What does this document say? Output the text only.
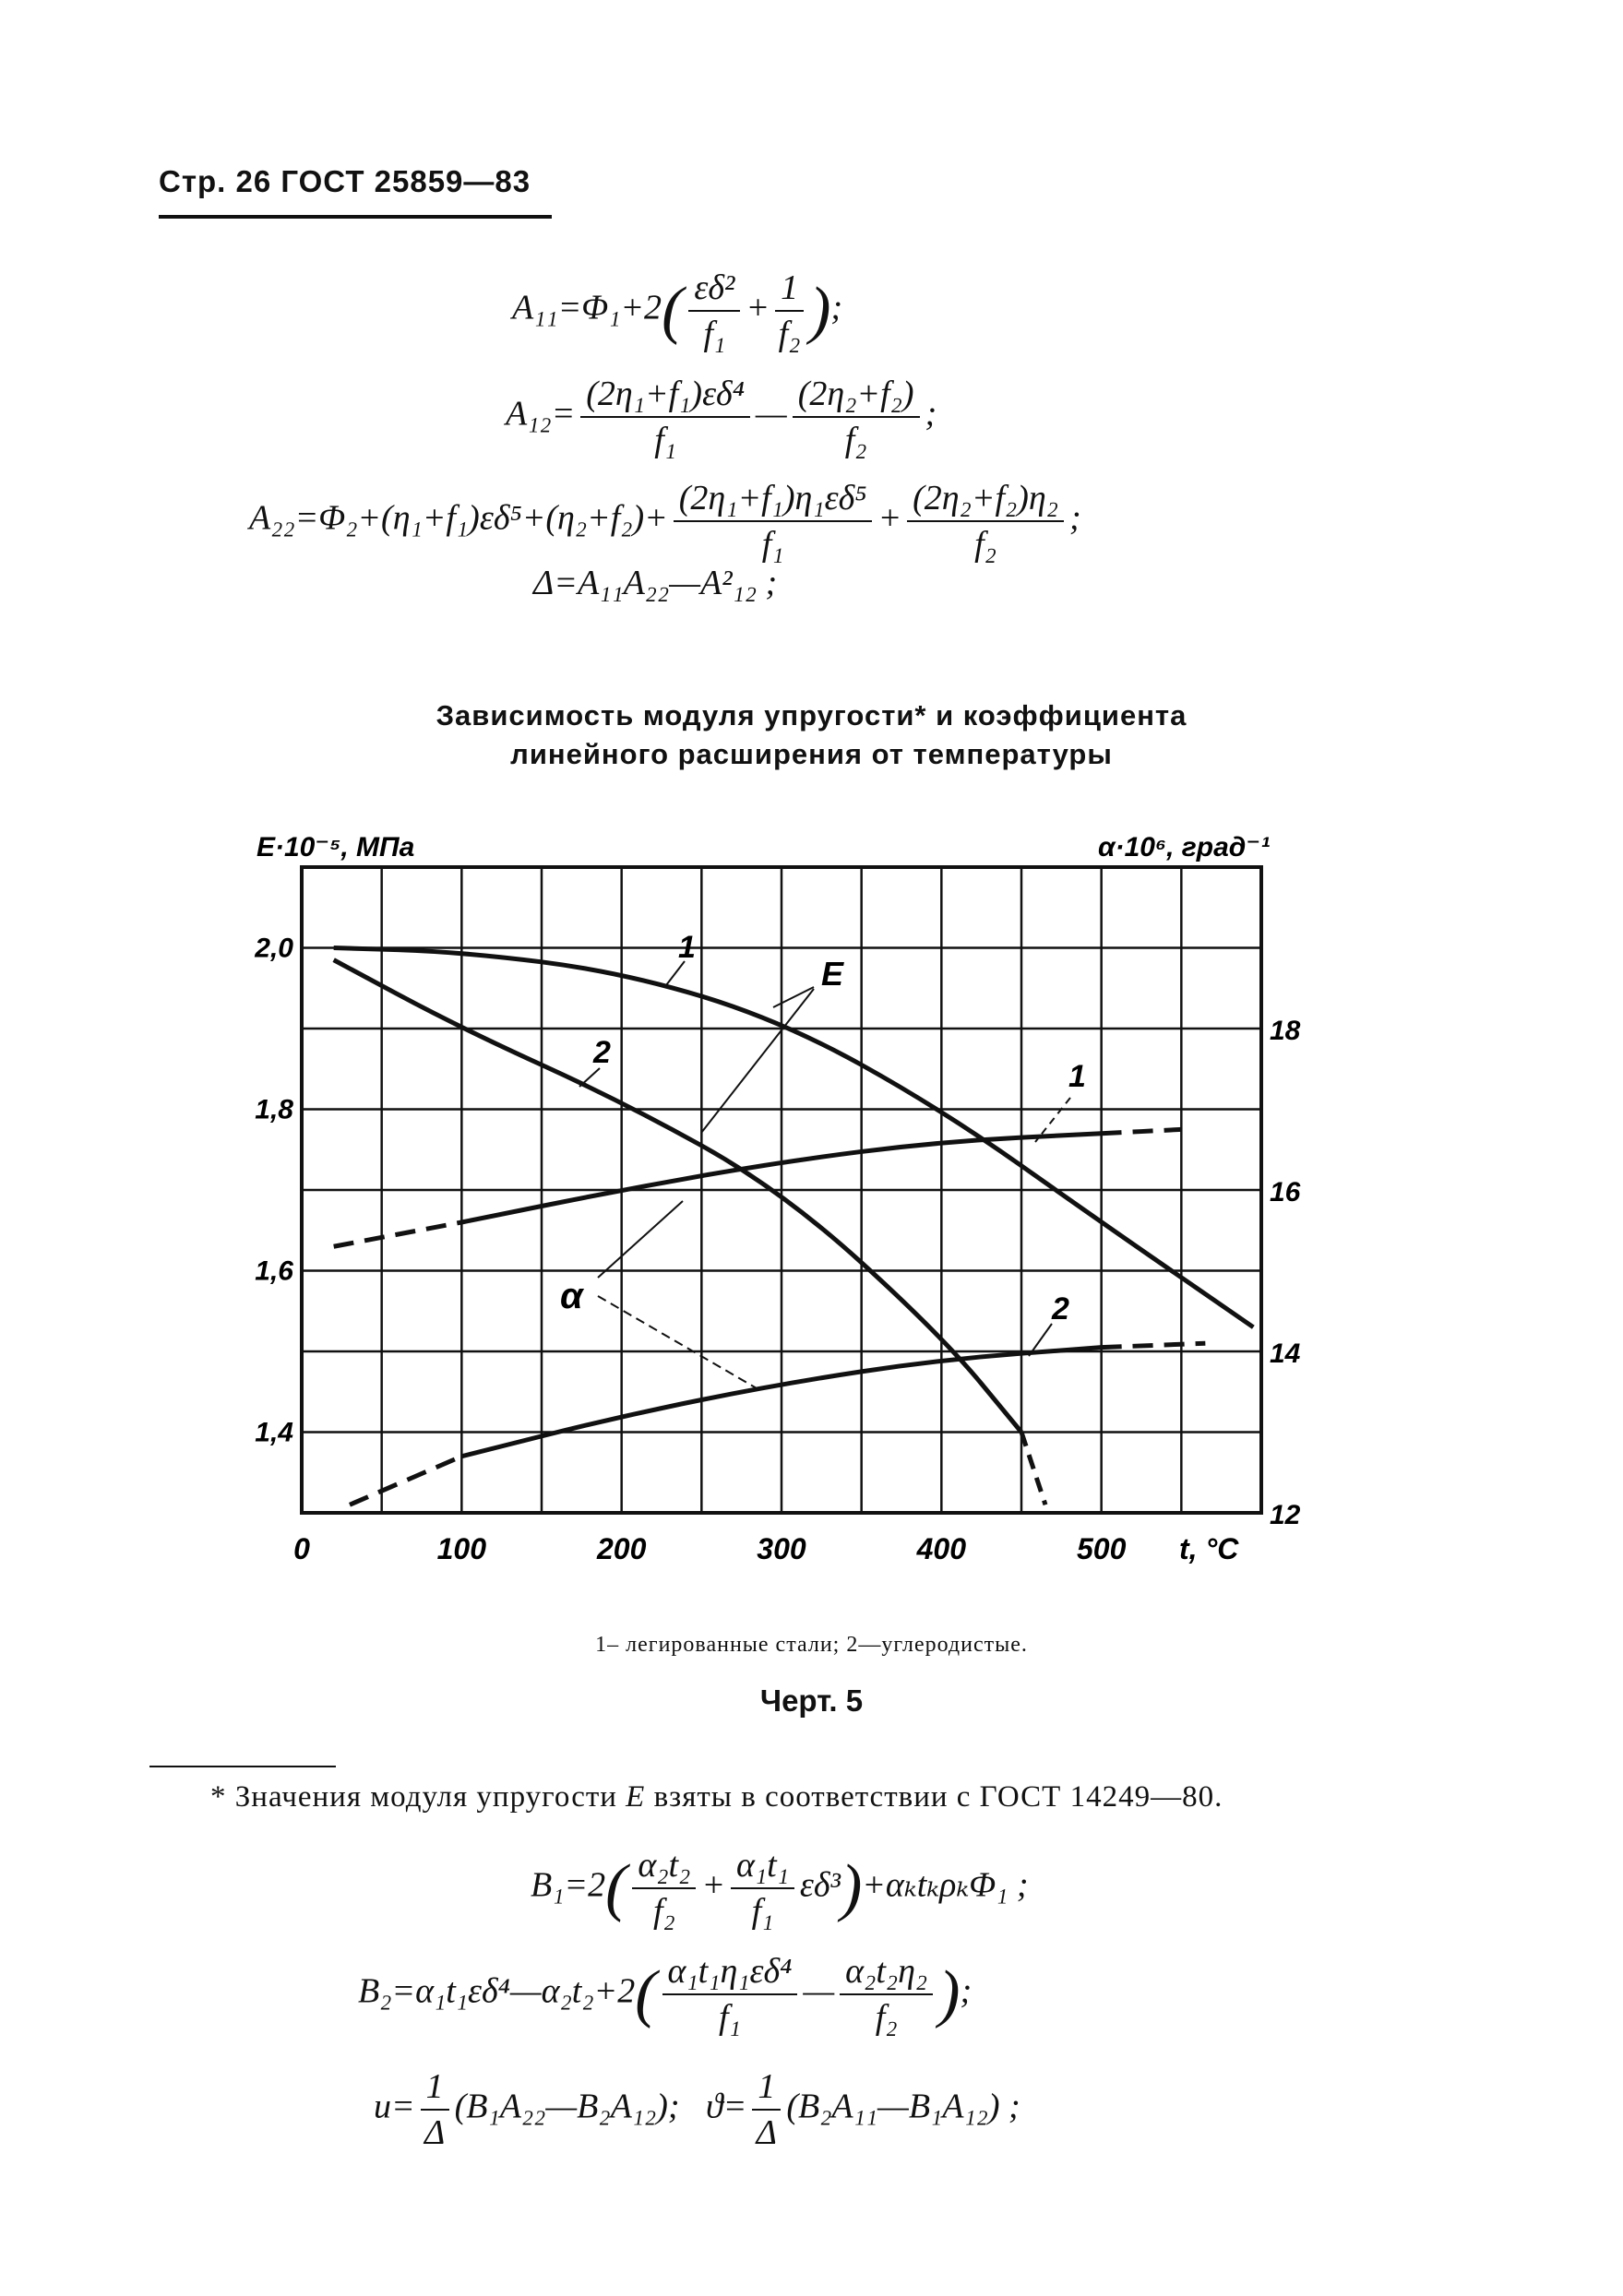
Стр. 26 ГОСТ 25859—83
$A_{11}=\Phi_1+2( \frac{\text{εδ²}}{\text{f₁}} + \frac{1}{\text{f₂}}$ );
$A_{12}= \frac{\text{(2η₁+f₁)εδ⁴}}{\text{f₁}}$ — $\frac{\text{(2η₂+f₂)}}{\text{f₂}}$ ;
$A_{22}=\Phi_2+(\eta_1+f_1)\varepsilon\delta^5+(\eta_2+f_2)+ \frac{\text{(2η₁+f₁)η₁εδ⁵}}{\text{f₁}} + \frac{\text{(2η₂+f₂)η₂}}{\text{f₂}}$ ;
Δ=A₁₁A₂₂—A²₁₂ ;
Зависимость модуля упругости* и коэффициента
линейного расширения от температуры
E·10⁻⁵, МПа	α·10⁶, град⁻¹
0	100	200	300	400	500 t, °C
2,0
1,8
1,6
1,4
18
16
14
12
E
α
1
2
1
2
1– легированные стали; 2—углеродистые.
Черт. 5
* Значения модуля упругости E взяты в соответствии с ГОСТ 14249—80.
$B_1=2( \frac{\text{α₂t₂}}{\text{f₂}} + \frac{\text{α₁t₁}}{\text{f₁}} \varepsilon\delta^3)+\alpha_kt_k\rho_k\Phi_1$ ;
B₂=α₁t₁εδ⁴—α₂t₂+2( $\frac{\text{α₁t₁η₁εδ⁴}}{\text{f₁}}$ — $\frac{\text{α₂t₂η₂}}{\text{f₂}}$ );
$u= \frac{1}{\Delta}$ (B₁A₂₂—B₂A₁₂); $ϑ= \frac{1}{\Delta}$ (B₂A₁₁—B₁A₁₂) ;
